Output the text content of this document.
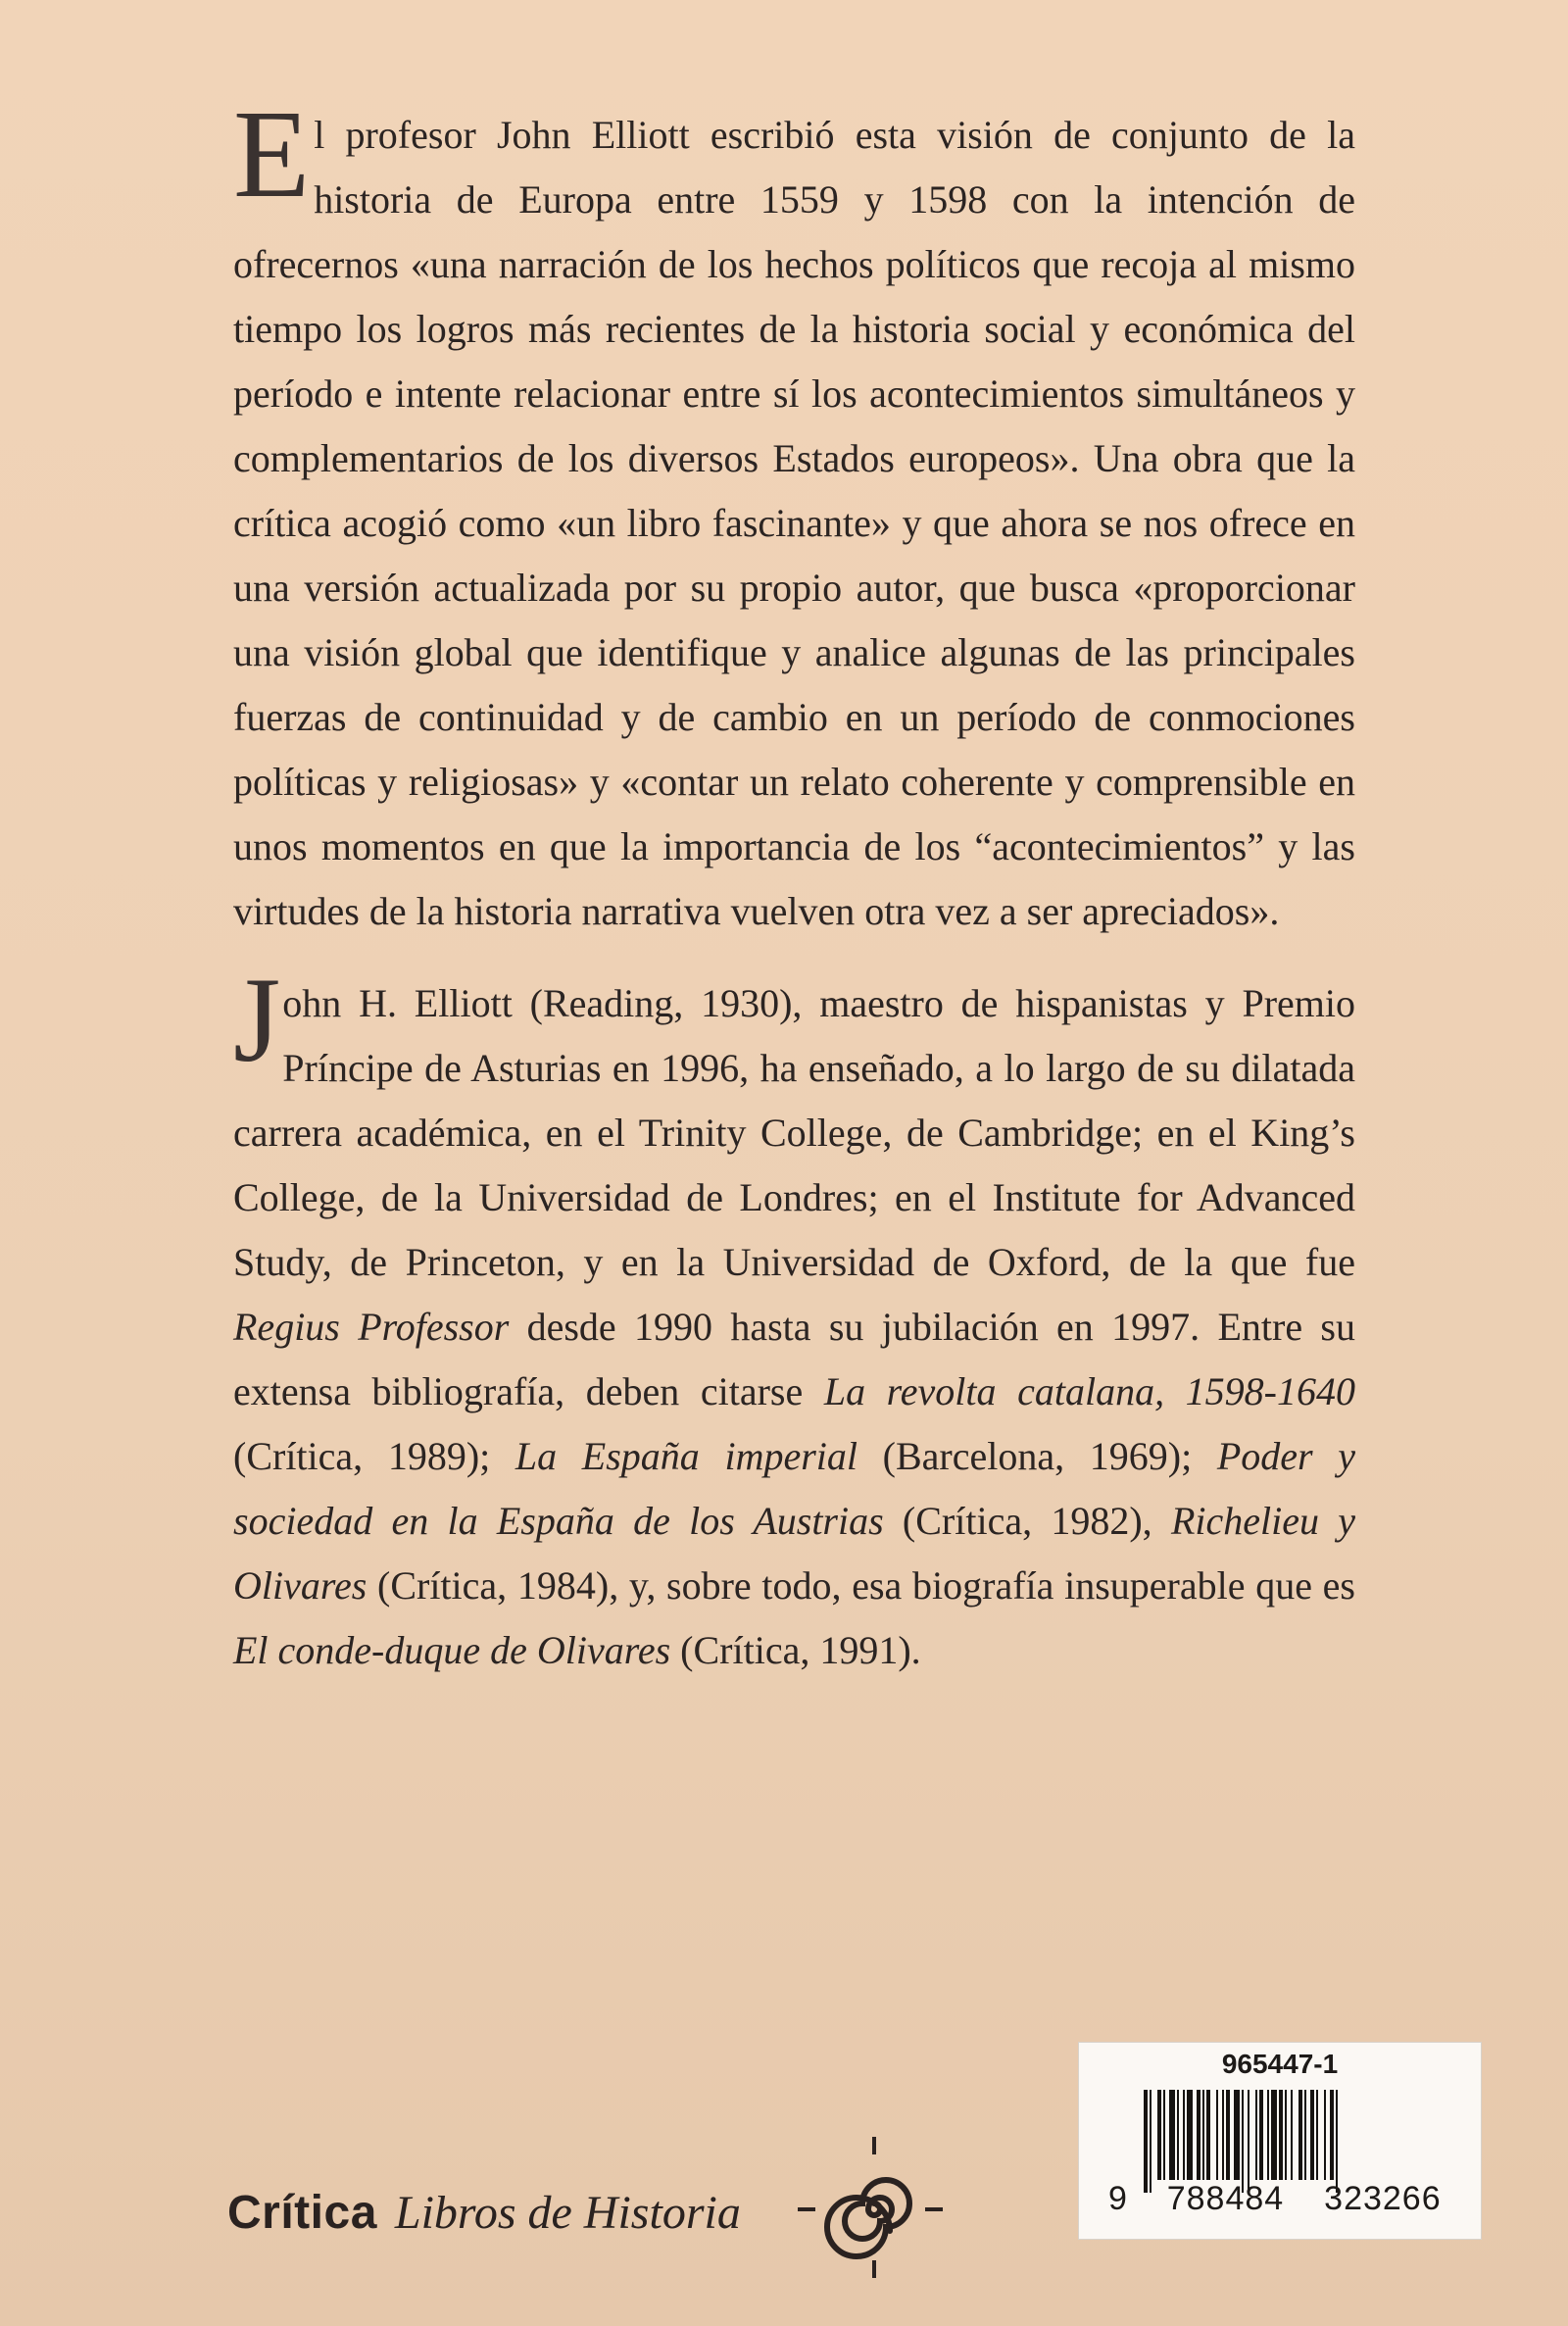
El profesor John Elliott escribió esta visión de conjunto de la historia de Europa entre 1559 y 1598 con la intención de ofrecernos «una narración de los hechos políticos que recoja al mismo tiempo los logros más recientes de la historia social y económica del período e intente relacionar entre sí los acontecimientos simultáneos y complementarios de los diversos Estados europeos». Una obra que la crítica acogió como «un libro fascinante» y que ahora se nos ofrece en una versión actualizada por su propio autor, que busca «proporcionar una visión global que identifique y analice algunas de las principales fuerzas de continuidad y de cambio en un período de conmociones políticas y religiosas» y «contar un relato coherente y comprensible en unos momentos en que la importancia de los “acontecimientos” y las virtudes de la historia narrativa vuelven otra vez a ser apreciados».

John H. Elliott (Reading, 1930), maestro de hispanistas y Premio Príncipe de Asturias en 1996, ha enseñado, a lo largo de su dilatada carrera académica, en el Trinity College, de Cambridge; en el King’s College, de la Universidad de Londres; en el Institute for Advanced Study, de Princeton, y en la Universidad de Oxford, de la que fue Regius Professor desde 1990 hasta su jubilación en 1997. Entre su extensa bibliografía, deben citarse La revolta catalana, 1598-1640 (Crítica, 1989); La España imperial (Barcelona, 1969); Poder y sociedad en la España de los Austrias (Crítica, 1982), Richelieu y Olivares (Crítica, 1984), y, sobre todo, esa biografía insuperable que es El conde-duque de Olivares (Crítica, 1991).

Crítica Libros de Historia
965447-1
9 788484 323266
